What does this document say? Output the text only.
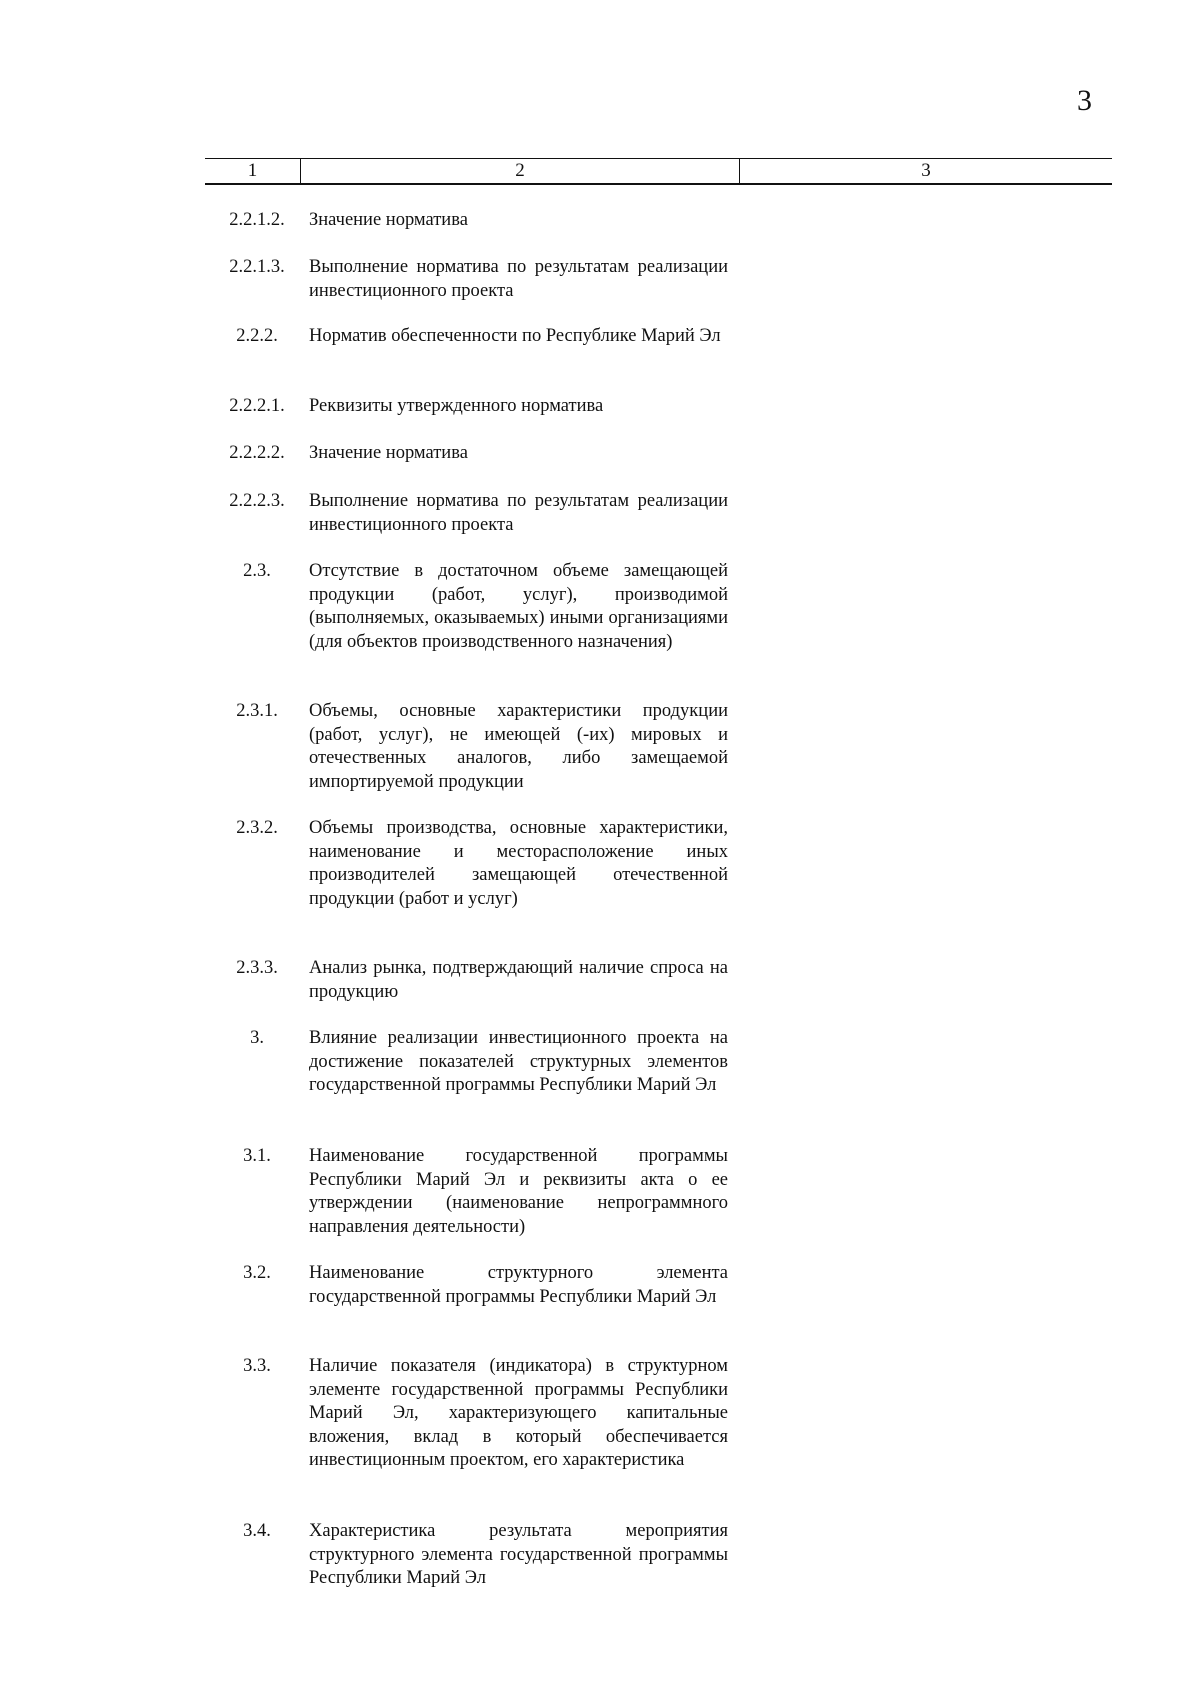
3
1	2	3
2.2.1.2.	Значение норматива
2.2.1.3.	Выполнение норматива по результатам реализации инвестиционного проекта
2.2.2.	Норматив обеспеченности по Республике Марий Эл
2.2.2.1.	Реквизиты утвержденного норматива
2.2.2.2.	Значение норматива
2.2.2.3.	Выполнение норматива по результатам реализации инвестиционного проекта
2.3.	Отсутствие в достаточном объеме замещающей продукции (работ, услуг), производимой (выполняемых, оказываемых) иными организациями (для объектов производственного назначения)
2.3.1.	Объемы, основные характеристики продукции (работ, услуг), не имеющей (-их) мировых и отечественных аналогов, либо замещаемой импортируемой продукции
2.3.2.	Объемы производства, основные характеристики, наименование и месторасположение иных производителей замещающей отечественной продукции (работ и услуг)
2.3.3.	Анализ рынка, подтверждающий наличие спроса на продукцию
3.	Влияние реализации инвестиционного проекта на достижение показателей структурных элементов государственной программы Республики Марий Эл
3.1.	Наименование государственной программы Республики Марий Эл и реквизиты акта о ее утверждении (наименование непрограммного направления деятельности)
3.2.	Наименование структурного элемента государственной программы Республики Марий Эл
3.3.	Наличие показателя (индикатора) в структурном элементе государственной программы Республики Марий Эл, характеризующего капитальные вложения, вклад в который обеспечивается инвестиционным проектом, его характеристика
3.4.	Характеристика результата мероприятия структурного элемента государственной программы Республики Марий Эл
